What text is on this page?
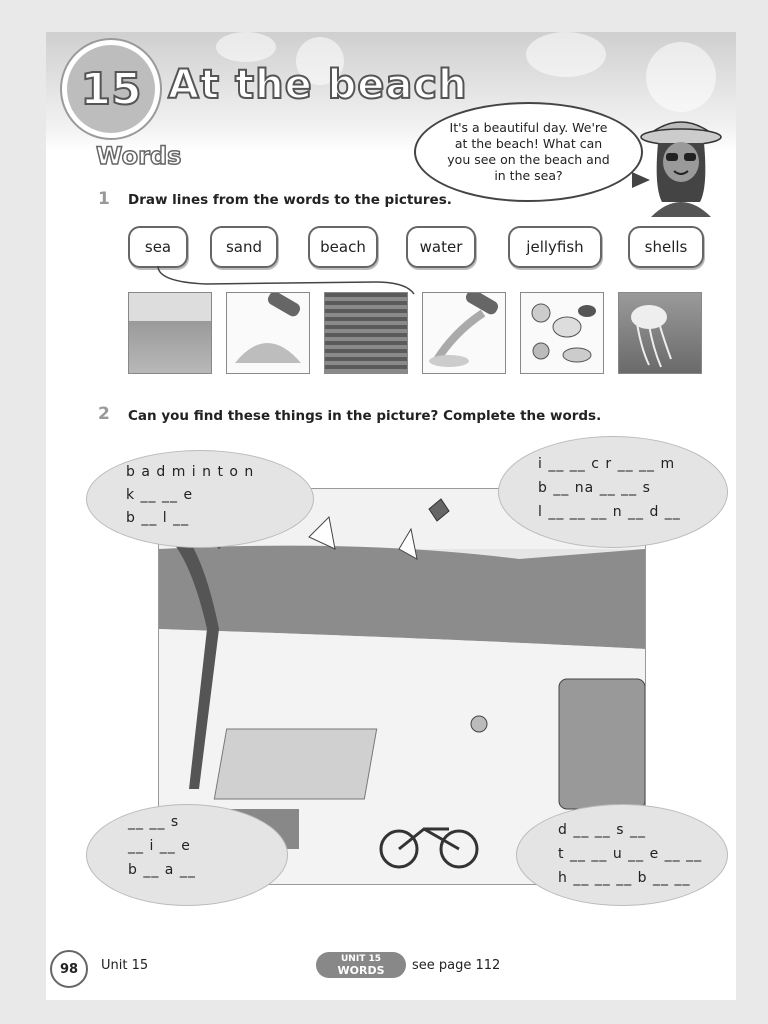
15 At the beach
Words
It's a beautiful day. We're at the beach! What can you see on the beach and in the sea?
1 Draw lines from the words to the pictures.
sea	sand	beach	water	jellyfish	shells
2 Can you find these things in the picture? Complete the words.
b a d m i n t o n
k __ __ e
b __ l __
i __ __ c r __ __ m
b __ na __ __ s
l __ __ __ n __ d __
__ __ s
__ i __ e
b __ a __
d __ __ s __
t __ __ u __ e __ __
h __ __ __ b __ __
98	Unit 15	UNIT 15
WORDS	see page 112
